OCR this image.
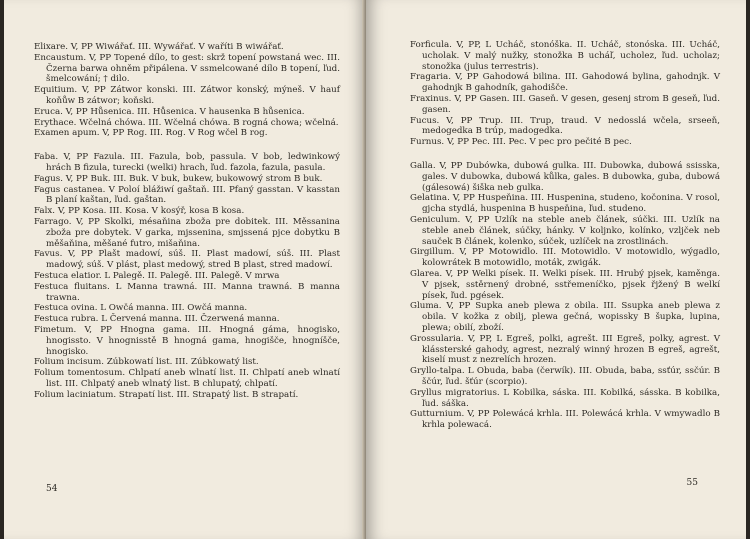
Elixare. V, PP Wiwářať. III. Wywářať. V waříti B wiwářať.
Encaustum. V, PP Topené dílo, to gest: skrž topení powstaná wec. III. Čzerna barwa ohněm připálena. V ssmelcowané dílo B topení, ľud. šmelcowání; † dilo.
Equitium. V, PP Zátwor konski. III. Zátwor konský, mýneš. V hauf koňůw B zátwor; koňski.
Eruca. V, PP Hůsenica. III. Hůsenica. V hausenka B hůsenica.
Erythace. Wčelná chówa. III. Wčelná chówa. B rogná chowa; wčelná.
Examen apum. V, PP Rog. III. Rog. V Rog wčel B rog.
Faba. V, PP Fazula. III. Fazula, bob, passula. V bob, ledwinkowý hrách B fizula, turecki (welki) hrach, ľud. fazola, fazula, pasula.
Fagus. V, PP Buk. III. Buk. V buk, bukew, bukowowý strom B buk.
Fagus castanea. V Poloí blážiwí gaštaň. III. Pfaný gasstan. V kasstan B planí kaštan, ľud. gaštan.
Falx. V, PP Kosa. III. Kosa. V kosýř, kosa B kosa.
Farrago. V, PP Skolki, mésaňina zboža pre dobitek. III. Měssanina zboža pre dobytek. V garka, mjssenina, smjssená pjce dobytku B měšaňina, měšané futro, mišaňina.
Favus. V, PP Plašt madowí, súš. II. Plast madowí, súš. III. Plast madowý, súš. V plást, plast medowý, stred B plast, stred madowí.
Festuca elatior. L Palegě. II. Palegě. III. Palegě. V mrwa
Festuca fluitans. L Manna trawná. III. Manna trawná. B manna trawna.
Festuca ovina. L Owčá manna. III. Owčá manna.
Festuca rubra. L Červená manna. III. Čzerwená manna.
Fimetum. V, PP Hnogna gama. III. Hnogná gáma, hnogisko, hnogissto. V hnognisstě B hnogná gama, hnogišče, hnogníšče, hnogisko.
Folium incisum. Zúbkowatí list. III. Zúbkowatý list.
Folium tomentosum. Chlpatí aneb wlnatí list. II. Chlpatí aneb wlnatí list. III. Chlpatý aneb wlnatý list. B chlupatý, chlpatí.
Folium laciniatum. Strapatí list. III. Strapatý list. B strapatí.
54
Forficula. V, PP, L Ucháč, stonóška. II. Ucháč, stonóska. III. Ucháč, ucholak. V malý nužky, stonožka B ucháľ, ucholez, ľud. ucholaz; stonožka (julus terrestris).
Fragaria. V, PP Gahodowá bilina. III. Gahodowá bylina, gahodnjk. V gahodnjk B gahodník, gahodišče.
Fraxinus. V, PP Gasen. III. Gaseň. V gesen, gesenj strom B geseň, ľud. gasen.
Fucus. V, PP Trup. III. Trup, traud. V nedosslá wčela, srseeň, medogedka B trúp, madogedka.
Furnus. V, PP Pec. III. Pec. V pec pro pečité B pec.
Galla. V, PP Dubówka, dubowá gulka. III. Dubowka, dubowá ssisska, gales. V dubowka, dubowá kůlka, gales. B dubowka, guba, dubowá (gálesowá) šiška neb gulka.
Gelatina. V, PP Huspeňina. III. Huspenina, studeno, kočonina. V rosol, gjcha stydlá, huspenina B huspeňina, ľud. studeno.
Geniculum. V, PP Uzlík na steble aneb článek, súčki. III. Uzlík na steble aneb článek, súčky, hánky. V koljnko, kolínko, vzljček neb sauček B článek, kolenko, súček, uzlíček na zrostlinách.
Girgillum. V, PP Motowidlo. III. Motowidlo. V motowidlo, wýgadlo, kolowrátek B motowidlo, moták, zwigák.
Glarea. V, PP Welki písek. II. Welki písek. III. Hrubý pjsek, kaměnga. V pjsek, sstěrnený drobné, sstřemeníčko, pjsek řjžený B welkí písek, ľud. pgések.
Gluma. V, PP Supka aneb plewa z obila. III. Ssupka aneb plewa z obila. V kožka z obilj, plewa gečná, wopissky B šupka, lupina, plewa; obilí, zboží.
Grossularia. V, PP, L Egreš, polki, agrešt. III Egreš, polky, agrest. V klássterské gahody, agrest, nezralý winný hrozen B egreš, agrešt, kiselí must z nezrelích hrozen.
Gryllo-talpa. L Obuda, baba (čerwík). III. Obuda, baba, ssťúr, ssčúr. B ščúr, ľud. šťúr (scorpio).
Gryllus migratorius. L Kobilka, sáska. III. Kobilká, sásska. B kobilka, ľud. sáška.
Gutturnium. V, PP Polewácá krhla. III. Polewácá krhla. V wmywadlo B krhla polewacá.
55
